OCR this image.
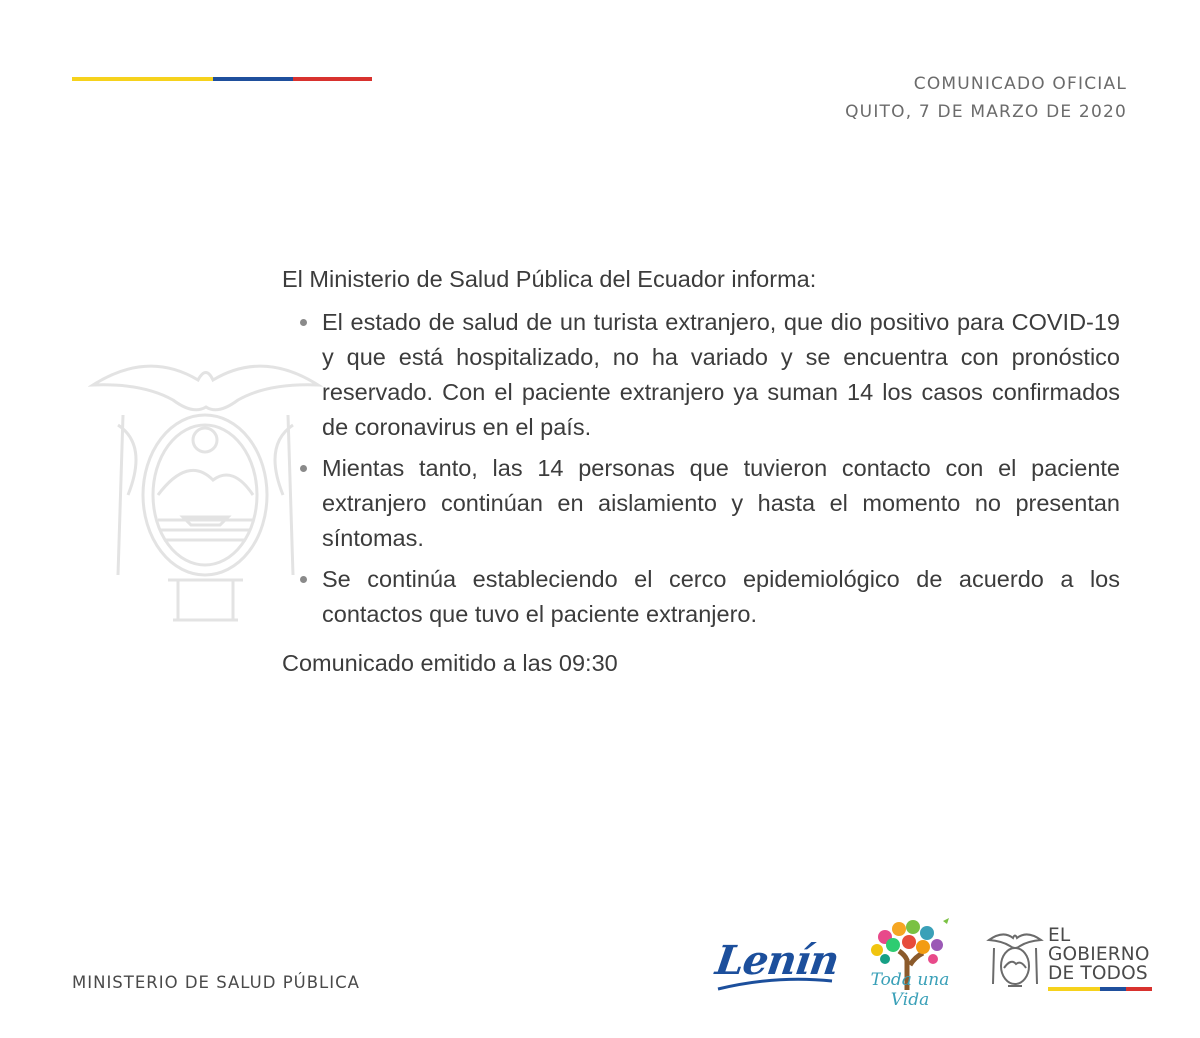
COMUNICADO OFICIAL
QUITO, 7 DE MARZO DE 2020

El Ministerio de Salud Pública del Ecuador informa:

El estado de salud de un turista extranjero, que dio positivo para COVID-19 y que está hospitalizado, no ha variado y se encuentra con pronóstico reservado. Con el paciente extranjero ya suman 14 los casos confirmados de coronavirus en el país.
Mientas tanto, las 14 personas que tuvieron contacto con el paciente extranjero continúan en aislamiento y hasta el momento no presentan síntomas.
Se continúa estableciendo el cerco epidemiológico de acuerdo a los contactos que tuvo el paciente extranjero.

Comunicado emitido a las 09:30

MINISTERIO DE SALUD PÚBLICA	Lenín	Toda una Vida
EL
GOBIERNO
DE TODOS
